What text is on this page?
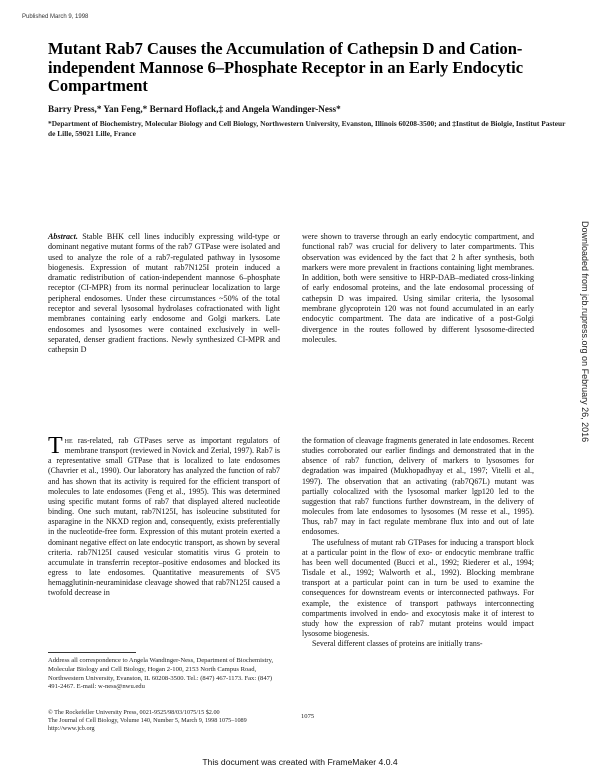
Published March 9, 1998
Mutant Rab7 Causes the Accumulation of Cathepsin D and Cation-independent Mannose 6–Phosphate Receptor in an Early Endocytic Compartment
Barry Press,* Yan Feng,* Bernard Hoflack,‡ and Angela Wandinger-Ness*
*Department of Biochemistry, Molecular Biology and Cell Biology, Northwestern University, Evanston, Illinois 60208-3500; and ‡Institut de Biolgie, Institut Pasteur de Lille, 59021 Lille, France
Abstract. Stable BHK cell lines inducibly expressing wild-type or dominant negative mutant forms of the rab7 GTPase were isolated and used to analyze the role of a rab7-regulated pathway in lysosome biogenesis. Expression of mutant rab7N125I protein induced a dramatic redistribution of cation-independent mannose 6–phosphate receptor (CI-MPR) from its normal perinuclear localization to large peripheral endosomes. Under these circumstances ~50% of the total receptor and several lysosomal hydrolases cofractionated with light membranes containing early endosome and Golgi markers. Late endosomes and lysosomes were contained exclusively in well-separated, denser gradient fractions. Newly synthesized CI-MPR and cathepsin D
were shown to traverse through an early endocytic compartment, and functional rab7 was crucial for delivery to later compartments. This observation was evidenced by the fact that 2 h after synthesis, both markers were more prevalent in fractions containing light membranes. In addition, both were sensitive to HRP-DAB–mediated cross-linking of early endosomal proteins, and the late endosomal processing of cathepsin D was impaired. Using similar criteria, the lysosomal membrane glycoprotein 120 was not found accumulated in an early endocytic compartment. The data are indicative of a post-Golgi divergence in the routes followed by different lysosome-directed molecules.
The ras-related, rab GTPases serve as important regulators of membrane transport (reviewed in Novick and Zerial, 1997). Rab7 is a representative small GTPase that is localized to late endosomes (Chavrier et al., 1990). Our laboratory has analyzed the function of rab7 and has shown that its activity is required for the efficient transport of molecules to late endosomes (Feng et al., 1995). This was determined using specific mutant forms of rab7 that displayed altered nucleotide binding. One such mutant, rab7N125I, has isoleucine substituted for asparagine in the NKXD region and, consequently, exists preferentially in the nucleotide-free form. Expression of this mutant protein exerted a dominant negative effect on late endocytic transport, as shown by several criteria. rab7N125I caused vesicular stomatitis virus G protein to accumulate in transferrin receptor–positive endosomes and blocked its egress to late endosomes. Quantitative measurements of SV5 hemagglutinin-neuraminidase cleavage showed that rab7N125I caused a twofold decrease in

the formation of cleavage fragments generated in late endosomes. Recent studies corroborated our earlier findings and demonstrated that in the absence of rab7 function, delivery of markers to lysosomes for degradation was impaired (Mukhopadhyay et al., 1997; Vitelli et al., 1997). The observation that an activating (rab7Q67L) mutant was partially colocalized with the lysosomal marker lgp120 led to the suggestion that rab7 functions further downstream, in the delivery of molecules from late endosomes to lysosomes (M resse et al., 1995). Thus, rab7 may in fact regulate membrane flux into and out of late endosomes.

The usefulness of mutant rab GTPases for inducing a transport block at a particular point in the flow of exo- or endocytic membrane traffic has been well documented (Bucci et al., 1992; Riederer et al., 1994; Tisdale et al., 1992; Walworth et al., 1992). Blocking membrane transport at a particular point can in turn be used to examine the consequences for downstream events or interconnected pathways. For example, the existence of transport pathways interconnecting compartments involved in endo- and exocytosis make it of interest to study how the expression of rab7 mutant proteins would impact lysosome biogenesis.

Several different classes of proteins are initially trans-

Address all correspondence to Angela Wandinger-Ness, Department of Biochemistry, Molecular Biology and Cell Biology, Hogan 2-100, 2153 North Campus Road, Northwestern University, Evanston, IL 60208-3500. Tel.: (847) 467-1173. Fax: (847) 491-2467. E-mail: w-ness@nwu.edu
© The Rockefeller University Press, 0021-9525/98/03/1075/15 $2.00
The Journal of Cell Biology, Volume 140, Number 5, March 9, 1998 1075–1089
http://www.jcb.org
1075
Downloaded from jcb.rupress.org on February 26, 2016
This document was created with FrameMaker 4.0.4
